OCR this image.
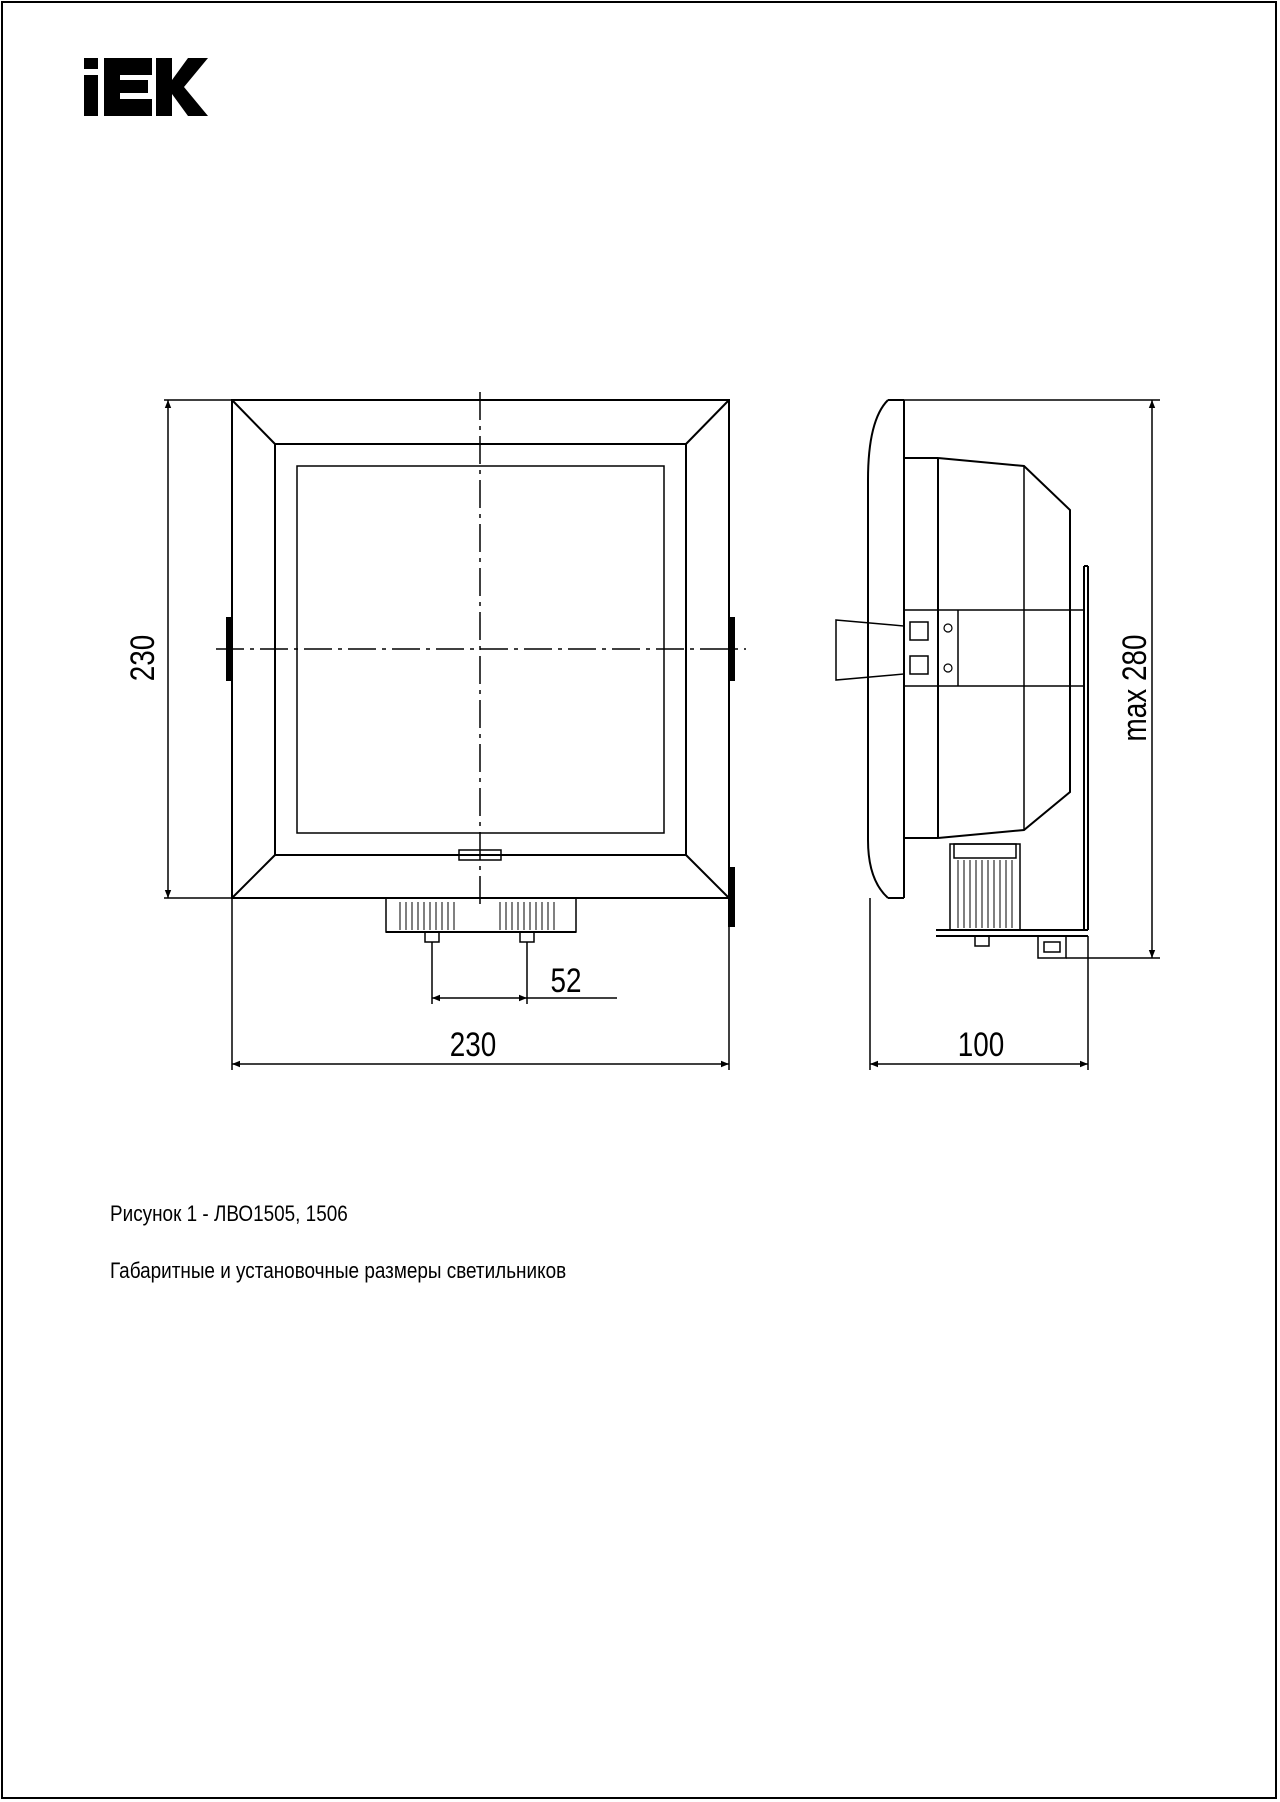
230
230
52
100
max 280
Рисунок 1 - ЛВО1505, 1506
Габаритные и установочные размеры светильников
